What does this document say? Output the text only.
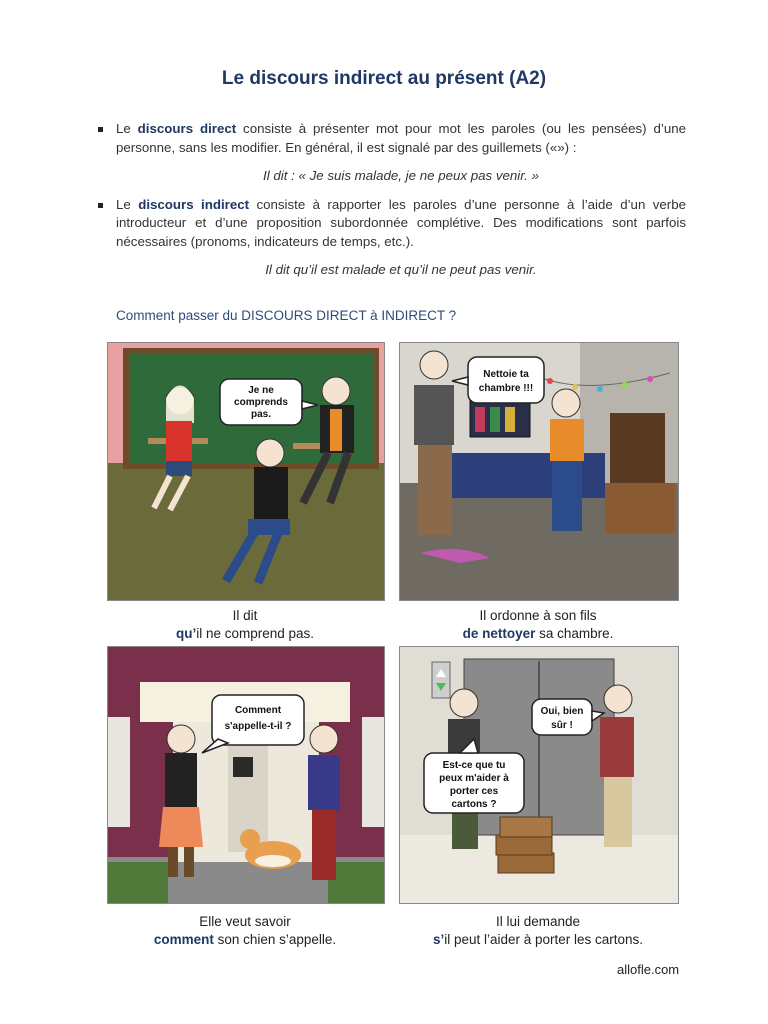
Le discours indirect au présent (A2)
Le discours direct consiste à présenter mot pour mot les paroles (ou les pensées) d’une personne, sans les modifier. En général, il est signalé par des guillemets («») :
Il dit : « Je suis malade, je ne peux pas venir. »
Le discours indirect consiste à rapporter les paroles d’une personne à l’aide d’un verbe introducteur et d’une proposition subordonnée complétive. Des modifications sont parfois nécessaires (pronoms, indicateurs de temps, etc.).
Il dit qu’il est malade et qu’il ne peut pas venir.
Comment passer du DISCOURS DIRECT à INDIRECT ?
Je ne
comprends
pas.
Il dit
qu’il ne comprend pas.
Nettoie ta
chambre !!!
Il ordonne à son fils
de nettoyer sa chambre.
Comment
s'appelle-t-il ?
Elle veut savoir
comment son chien s’appelle.
Oui, bien
sûr !
Est-ce que tu
peux m'aider à
porter ces
cartons ?
Il lui demande
s’il peut l’aider à porter les cartons.
allofle.com
